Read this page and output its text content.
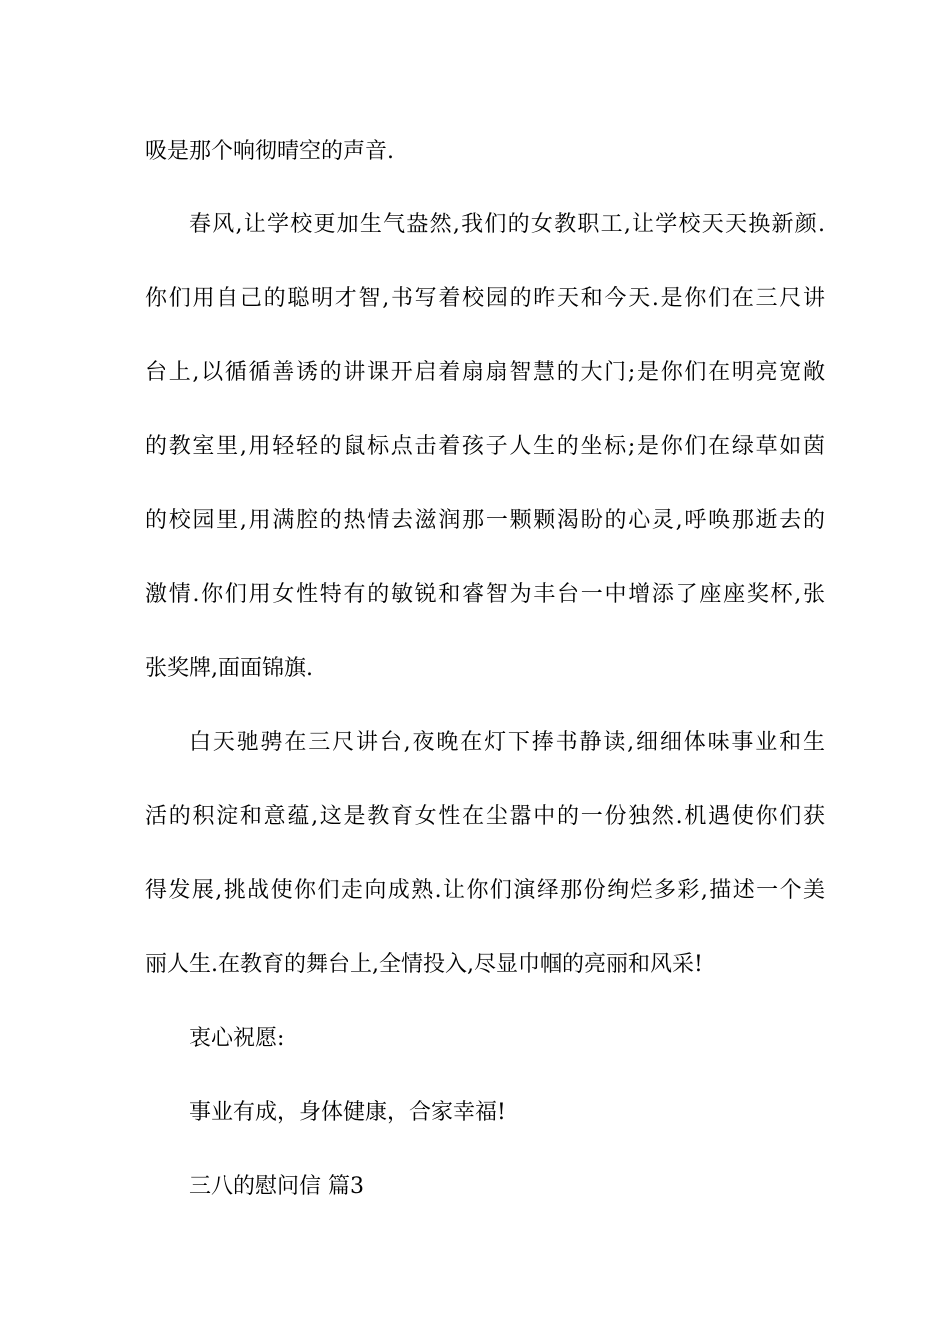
吸是那个响彻晴空的声音.
春风,让学校更加生气盎然,我们的女教职工,让学校天天换新颜.
你们用自己的聪明才智,书写着校园的昨天和今天.是你们在三尺讲
台上,以循循善诱的讲课开启着扇扇智慧的大门;是你们在明亮宽敞
的教室里,用轻轻的鼠标点击着孩子人生的坐标;是你们在绿草如茵
的校园里,用满腔的热情去滋润那一颗颗渴盼的心灵,呼唤那逝去的
激情.你们用女性特有的敏锐和睿智为丰台一中增添了座座奖杯,张
张奖牌,面面锦旗.
白天驰骋在三尺讲台,夜晚在灯下捧书静读,细细体味事业和生
活的积淀和意蕴,这是教育女性在尘嚣中的一份独然.机遇使你们获
得发展,挑战使你们走向成熟.让你们演绎那份绚烂多彩,描述一个美
丽人生.在教育的舞台上,全情投入,尽显巾帼的亮丽和风采!
衷心祝愿:
事业有成，身体健康，合家幸福!
三八的慰问信 篇3
